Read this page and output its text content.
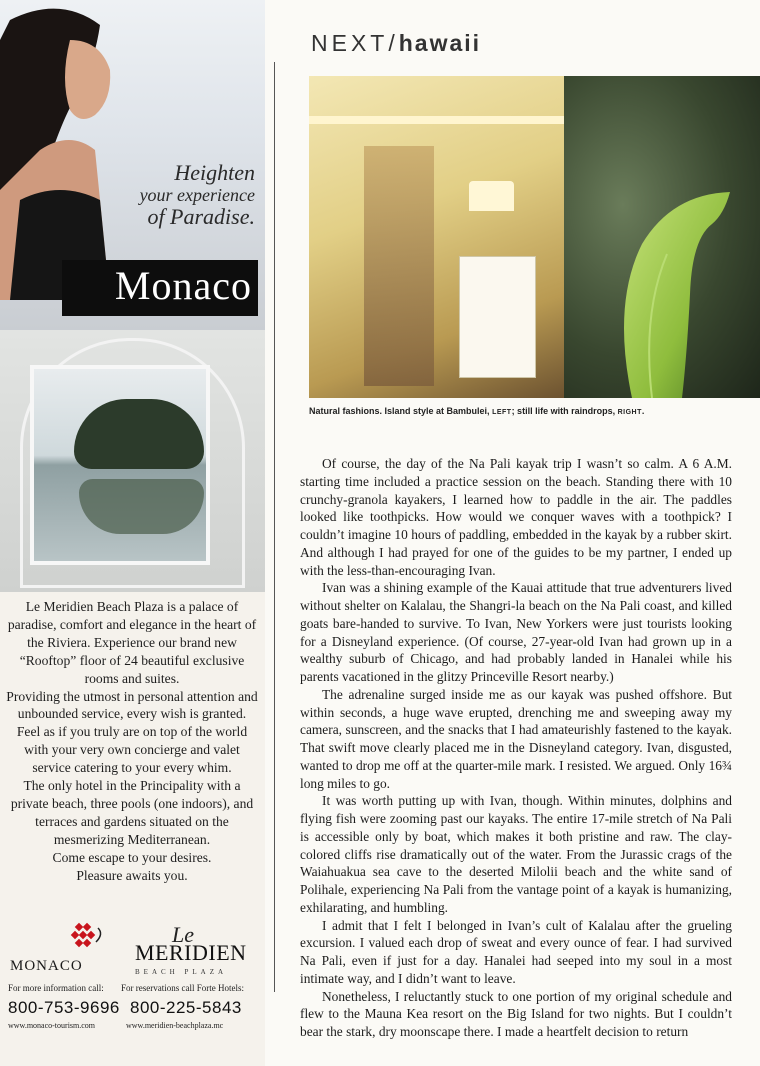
Heighten
your experience
of Paradise.
Monaco

Le Meridien Beach Plaza is a palace of paradise, comfort and elegance in the heart of the Riviera. Experience our brand new “Rooftop” floor of 24 beautiful exclusive rooms and suites.

Providing the utmost in personal attention and unbounded service, every wish is granted. Feel as if you truly are on top of the world with your very own concierge and valet service catering to your every whim.

The only hotel in the Principality with a private beach, three pools (one indoors), and terraces and gardens situated on the mesmerizing Mediterranean.

Come escape to your desires.

Pleasure awaits you.

MONACO
Le
MERIDIEN
BEACH PLAZA
For more information call: For reservations call Forte Hotels:
800-753-9696 800-225-5843
www.monaco-tourism.com	www.meridien-beachplaza.mc
NEXT/hawaii
Natural fashions. Island style at Bambulei, LEFT; still life with raindrops, RIGHT.

Of course, the day of the Na Pali kayak trip I wasn’t so calm. A 6 A.M. starting time included a practice session on the beach. Standing there with 10 crunchy-granola kayakers, I learned how to paddle in the air. The paddles looked like toothpicks. How would we conquer waves with a toothpick? I couldn’t imagine 10 hours of paddling, embedded in the kayak by a rubber skirt. And although I had prayed for one of the guides to be my partner, I ended up with the less-than-encouraging Ivan.

Ivan was a shining example of the Kauai attitude that true adventurers lived without shelter on Kalalau, the Shangri-la beach on the Na Pali coast, and killed goats bare-handed to survive. To Ivan, New Yorkers were just tourists looking for a Disneyland experience. (Of course, 27-year-old Ivan had grown up in a wealthy suburb of Chicago, and had probably landed in Hanalei while his parents vacationed in the glitzy Princeville Resort nearby.)

The adrenaline surged inside me as our kayak was pushed offshore. But within seconds, a huge wave erupted, drenching me and sweeping away my camera, sunscreen, and the snacks that I had amateurishly fastened to the kayak. That swift move clearly placed me in the Disneyland category. Ivan, disgusted, wanted to drop me off at the quarter-mile mark. I resisted. We argued. Only 16¾ long miles to go.

It was worth putting up with Ivan, though. Within minutes, dolphins and flying fish were zooming past our kayaks. The entire 17-mile stretch of Na Pali is accessible only by boat, which makes it both pristine and raw. The clay-colored cliffs rise dramatically out of the water. From the Jurassic crags of the Waiahuakua sea cave to the deserted Milolii beach and the white sand of Polihale, experiencing Na Pali from the vantage point of a kayak is humanizing, exhilarating, and humbling.

I admit that I felt I belonged in Ivan’s cult of Kalalau after the grueling excursion. I valued each drop of sweat and every ounce of fear. I had survived Na Pali, even if just for a day. Hanalei had seeped into my soul in a most intimate way, and I didn’t want to leave.

Nonetheless, I reluctantly stuck to one portion of my original schedule and flew to the Mauna Kea resort on the Big Island for two nights. But I couldn’t bear the stark, dry moonscape there. I made a heartfelt decision to return
